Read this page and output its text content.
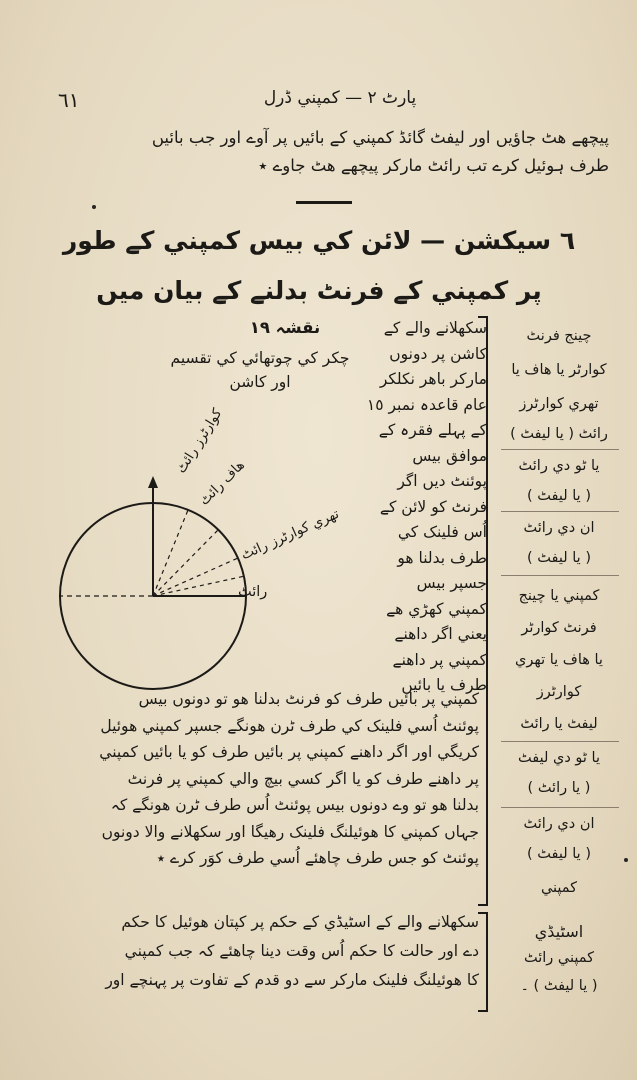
٦١	پارٹ ۲ — کمپني ڈرل
پیچھے ھٹ جاؤیں اور لیفٹ گائڈ کمپني کے بائیں پر آوے اور جب بائیں
طرف ہوئیل کرے تب رائٹ مارکر پیچھے ھٹ جاوے ٭
٦ سیکشن — لائن کي بیس کمپني کے طور
پر کمپني کے فرنٹ بدلنے کے بیان میں
چینج فرنٹ
کوارٹر یا هاف یا
تھري کوارٹرز
رائٹ ( یا لیفٹ )
یا ٹو دي رائٹ
( یا لیفٹ )
ان دي رائٹ
( یا لیفٹ )
کمپني یا چینج
فرنٹ کوارٹر
یا هاف یا تھري
کوارٹرز
لیفٹ یا رائٹ
یا ٹو دي لیفٹ
( یا رائٹ )
ان دي رائٹ
( یا لیفٹ )
کمپني
اسٹیڈي
کمپني رائٹ
( یا لیفٹ ) ۔
سکھلانے والے کے
کاشن پر دونوں
مارکر باھر نکلکر
عام قاعدہ نمبر ١٥
کے پہلے فقرہ کے
موافق بیس
پوئنٹ دیں اگر
فرنٹ کو لائن کے
اُس فلینک کي
طرف بدلنا ھو
جسپر بیس
کمپني کھڑي ھے
یعني اگر داھنے
کمپني پر داھنے
طرف یا بائیں
نقشہ ١٩
چکر کي چوتھائي کي تقسیم
اور کاشن
کوارٹرز رائٹ
هاف رائٹ
تھري کوارٹرز رائٹ
رائٹ
کمپني پر بائیں طرف کو فرنٹ بدلنا ھو تو دونوں بیس
پوئنٹ اُسي فلینک کي طرف ٹرن ھونگے جسپر کمپني ھوئیل
کریگي اور اگر داھنے کمپني پر بائیں طرف کو یا بائیں کمپني
پر داھنے طرف کو یا اگر کسي بیچ والي کمپني پر فرنٹ
بدلنا ھو تو وے دونوں بیس پوئنٹ اُس طرف ٹرن ھونگے کہ
جہاں کمپني کا ھوئیلنگ فلینک رھیگا اور سکھلانے والا دونوں
پوئنٹ کو جس طرف چاھئے اُسي طرف کوَر کرے ٭
سکھلانے والے کے اسٹیڈي کے حکم پر کپتان ھوئیل کا حکم
دے اور حالت کا حکم اُس وقت دینا چاھئے کہ جب کمپني
کا ھوئیلنگ فلینک مارکر سے دو قدم کے تفاوت پر پہنچے اور
